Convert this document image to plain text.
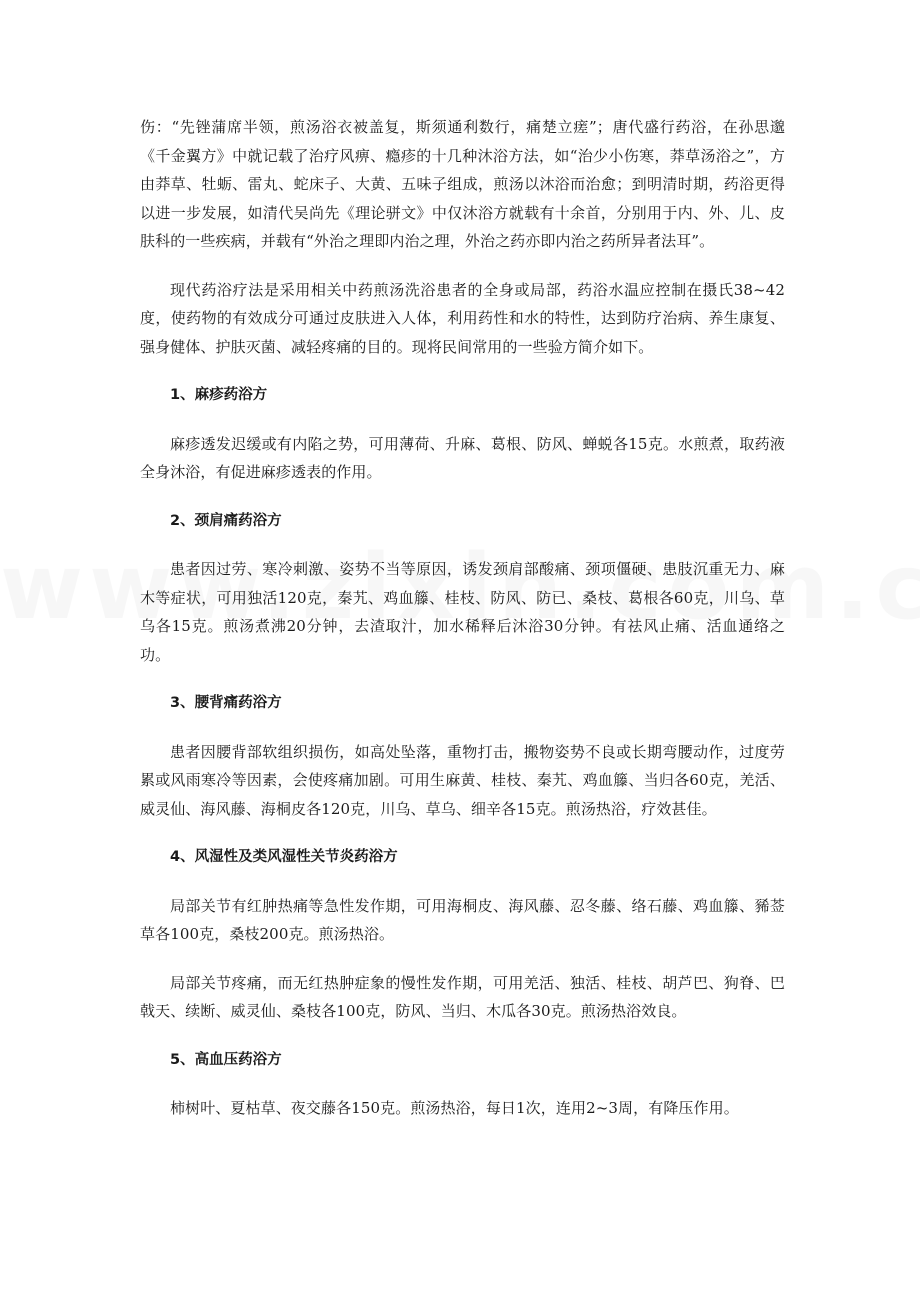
伤：“先锉蒲席半领，煎汤浴衣被盖复，斯须通利数行，痛楚立瘥”；唐代盛行药浴，在孙思邈《千金翼方》中就记载了治疗风痹、瘾疹的十几种沐浴方法，如“治少小伤寒，莽草汤浴之”，方由莽草、牡蛎、雷丸、蛇床子、大黄、五味子组成，煎汤以沐浴而治愈；到明清时期，药浴更得以进一步发展，如清代吴尚先《理论骈文》中仅沐浴方就载有十余首，分别用于内、外、儿、皮肤科的一些疾病，并载有“外治之理即内治之理，外治之药亦即内治之药所异者法耳”。

现代药浴疗法是采用相关中药煎汤洗浴患者的全身或局部，药浴水温应控制在摄氏38~42度，使药物的有效成分可通过皮肤进入人体，利用药性和水的特性，达到防疗治病、养生康复、强身健体、护肤灭菌、减轻疼痛的目的。现将民间常用的一些验方简介如下。

1、麻疹药浴方

麻疹透发迟缓或有内陷之势，可用薄荷、升麻、葛根、防风、蝉蜕各15克。水煎煮，取药液全身沐浴，有促进麻疹透表的作用。

2、颈肩痛药浴方

患者因过劳、寒冷刺激、姿势不当等原因，诱发颈肩部酸痛、颈项僵硬、患肢沉重无力、麻木等症状，可用独活120克，秦艽、鸡血籐、桂枝、防风、防已、桑枝、葛根各60克，川乌、草乌各15克。煎汤煮沸20分钟，去渣取汁，加水稀释后沐浴30分钟。有祛风止痛、活血通络之功。

3、腰背痛药浴方

患者因腰背部软组织损伤，如高处坠落，重物打击，搬物姿势不良或长期弯腰动作，过度劳累或风雨寒冷等因素，会使疼痛加剧。可用生麻黄、桂枝、秦艽、鸡血籐、当归各60克，羌活、威灵仙、海风藤、海桐皮各120克，川乌、草乌、细辛各15克。煎汤热浴，疗效甚佳。

4、风湿性及类风湿性关节炎药浴方

局部关节有红肿热痛等急性发作期，可用海桐皮、海风藤、忍冬藤、络石藤、鸡血籐、豨莶草各100克，桑枝200克。煎汤热浴。

局部关节疼痛，而无红热肿症象的慢性发作期，可用羌活、独活、桂枝、胡芦巴、狗脊、巴戟天、续断、威灵仙、桑枝各100克，防风、当归、木瓜各30克。煎汤热浴效良。

5、高血压药浴方

柿树叶、夏枯草、夜交藤各150克。煎汤热浴，每日1次，连用2~3周，有降压作用。
